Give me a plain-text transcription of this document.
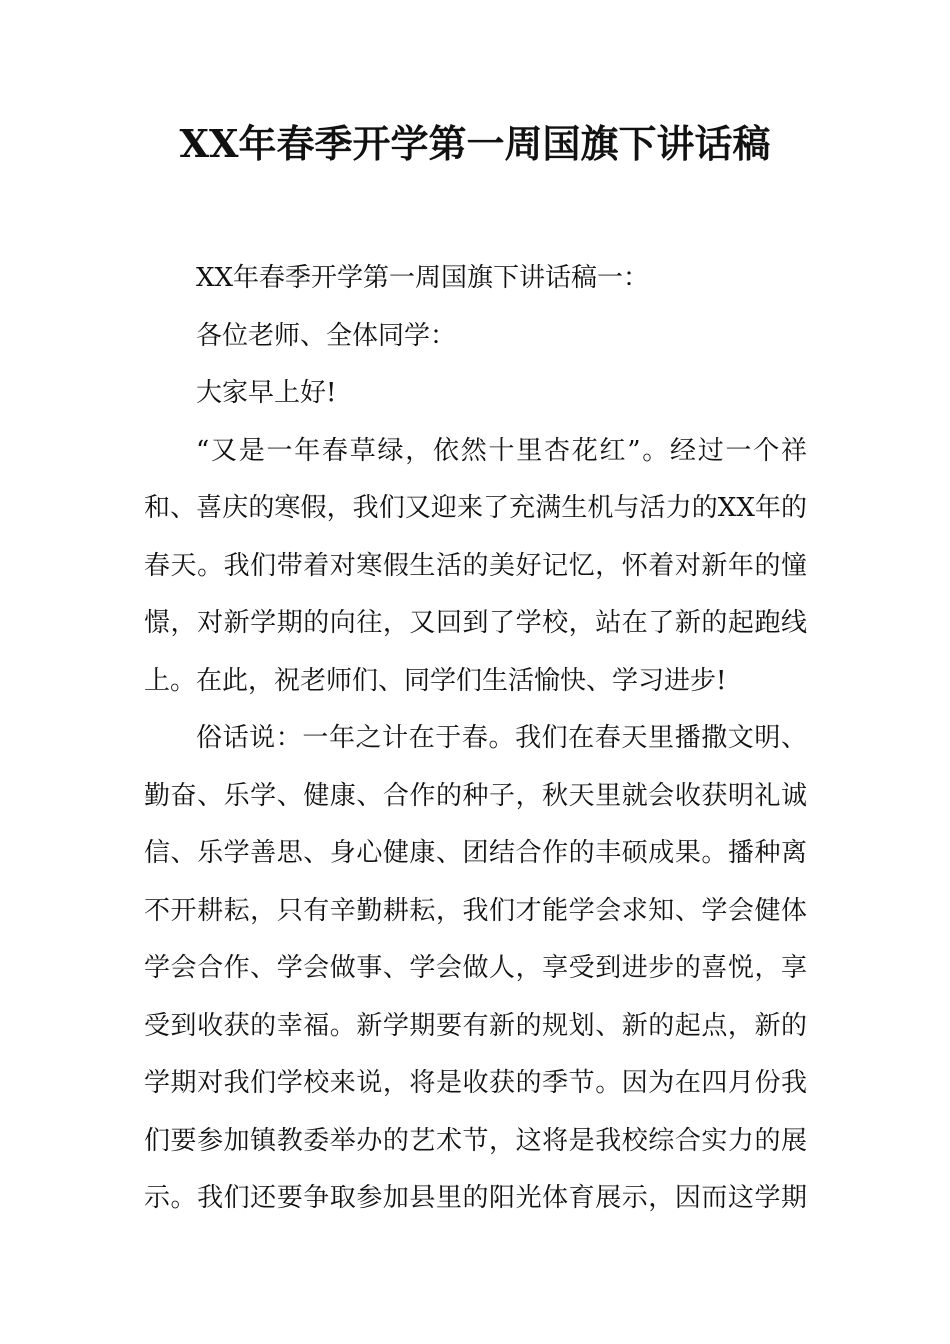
XX年春季开学第一周国旗下讲话稿
XX年春季开学第一周国旗下讲话稿一：
各位老师、全体同学：
大家早上好!
“又是一年春草绿，依然十里杏花红”。经过一个祥
和、喜庆的寒假，我们又迎来了充满生机与活力的XX年的
春天。我们带着对寒假生活的美好记忆，怀着对新年的憧
憬，对新学期的向往，又回到了学校，站在了新的起跑线
上。在此，祝老师们、同学们生活愉快、学习进步!
俗话说：一年之计在于春。我们在春天里播撒文明、
勤奋、乐学、健康、合作的种子，秋天里就会收获明礼诚
信、乐学善思、身心健康、团结合作的丰硕成果。播种离
不开耕耘，只有辛勤耕耘，我们才能学会求知、学会健体
学会合作、学会做事、学会做人，享受到进步的喜悦，享
受到收获的幸福。新学期要有新的规划、新的起点，新的
学期对我们学校来说，将是收获的季节。因为在四月份我
们要参加镇教委举办的艺术节，这将是我校综合实力的展
示。我们还要争取参加县里的阳光体育展示，因而这学期
